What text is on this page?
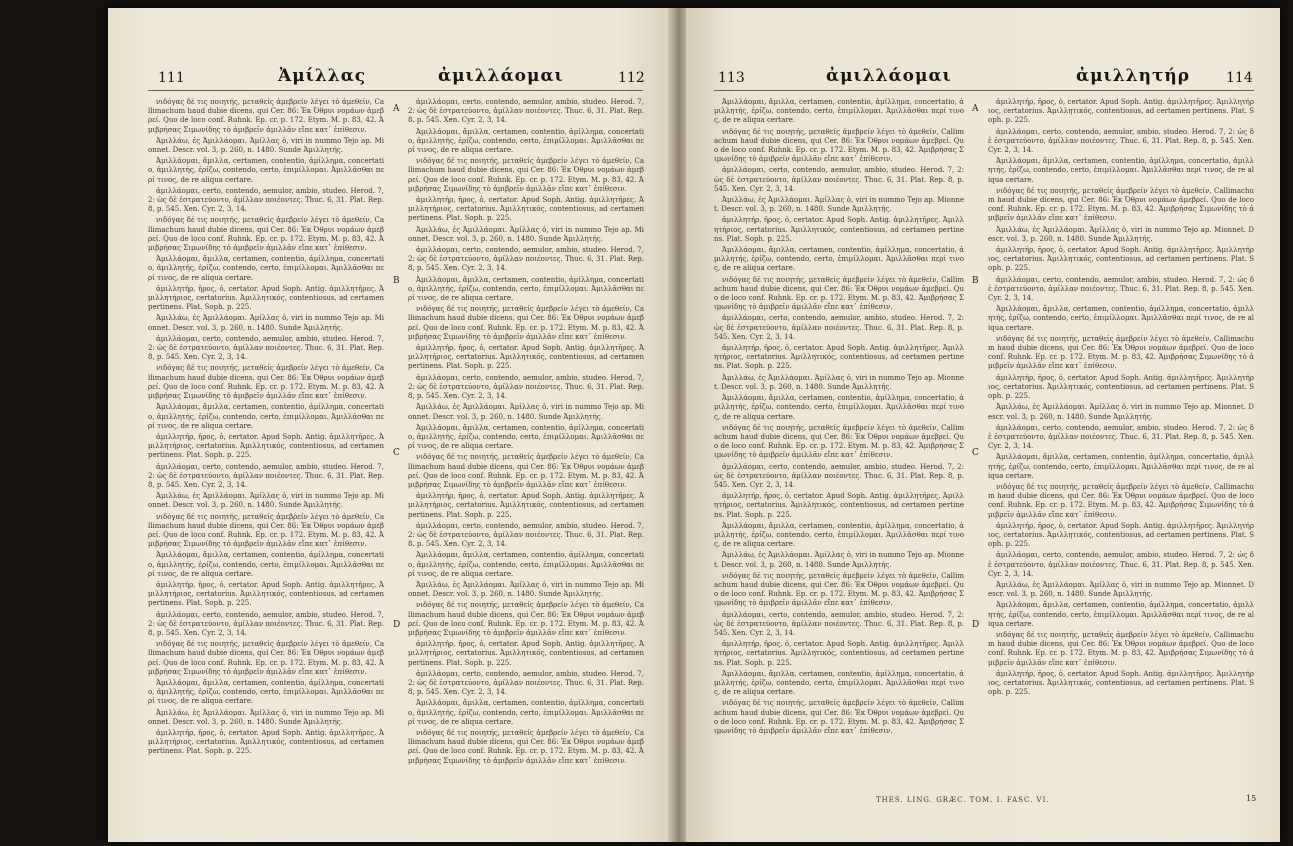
111	Ἀμίλλας	ἀμιλλάομαι	112

νιδόγας δέ τις ποιητής, μεταθείς ἀμεβρείν λέγει τὸ ἀμεθείν, Callimachum haud dubie dicens, qui Cer. 86: Ἐκ Ὀθρυι νομάων ἀμεβρεί. Quo de loco conf. Ruhnk. Ep. cr. p. 172. Etym. M. p. 83, 42. Ἀμιβρήσας Σιμωνίδης τὸ ἀμιβρεῖν ἀμιλλᾶν εἴπε κατ᾽ ἐπίθεσιν.

Ἀμιλλάω, ἐς Ἀμιλλάομαι. Ἀμίλλας ὁ, viri in nummo Tejo ap. Mionnet. Descr. vol. 3, p. 260, n. 1480. Sunde Ἀμιλλητής.

Ἀμιλλάομαι, ἄμιλλα, certamen, contentio, ἀμίλλημα, concertatio, ἀμιλλητής, ἐρίζω, contendo, certo, ἐπιμίλλομαι. Ἀμιλλᾶσθαι περί τινος, de re aliqua certare.

ἀμιλλάομαι, certo, contendo, aemulor, ambio, studeo. Herod. 7, 2: ὡς δὲ ἐστρατεύοντο, ἀμίλλαν ποιέοντες. Thuc. 6, 31. Plat. Rep. 8, p. 545. Xen. Cyr. 2, 3, 14.

νιδόγας δέ τις ποιητής, μεταθείς ἀμεβρείν λέγει τὸ ἀμεθείν, Callimachum haud dubie dicens, qui Cer. 86: Ἐκ Ὀθρυι νομάων ἀμεβρεί. Quo de loco conf. Ruhnk. Ep. cr. p. 172. Etym. M. p. 83, 42. Ἀμιβρήσας Σιμωνίδης τὸ ἀμιβρεῖν ἀμιλλᾶν εἴπε κατ᾽ ἐπίθεσιν.

Ἀμιλλάομαι, ἄμιλλα, certamen, contentio, ἀμίλλημα, concertatio, ἀμιλλητής, ἐρίζω, contendo, certo, ἐπιμίλλομαι. Ἀμιλλᾶσθαι περί τινος, de re aliqua certare.

ἀμιλλητήρ, ῆρος, ὁ, certator. Apud Soph. Antig. ἀμιλλητῆρες. Ἀμιλλητήριος, certatorius. Ἀμιλλητικός, contentiosus, ad certamen pertinens. Plat. Soph. p. 225.

Ἀμιλλάω, ἐς Ἀμιλλάομαι. Ἀμίλλας ὁ, viri in nummo Tejo ap. Mionnet. Descr. vol. 3, p. 260, n. 1480. Sunde Ἀμιλλητής.

ἀμιλλάομαι, certo, contendo, aemulor, ambio, studeo. Herod. 7, 2: ὡς δὲ ἐστρατεύοντο, ἀμίλλαν ποιέοντες. Thuc. 6, 31. Plat. Rep. 8, p. 545. Xen. Cyr. 2, 3, 14.

νιδόγας δέ τις ποιητής, μεταθείς ἀμεβρείν λέγει τὸ ἀμεθείν, Callimachum haud dubie dicens, qui Cer. 86: Ἐκ Ὀθρυι νομάων ἀμεβρεί. Quo de loco conf. Ruhnk. Ep. cr. p. 172. Etym. M. p. 83, 42. Ἀμιβρήσας Σιμωνίδης τὸ ἀμιβρεῖν ἀμιλλᾶν εἴπε κατ᾽ ἐπίθεσιν.

Ἀμιλλάομαι, ἄμιλλα, certamen, contentio, ἀμίλλημα, concertatio, ἀμιλλητής, ἐρίζω, contendo, certo, ἐπιμίλλομαι. Ἀμιλλᾶσθαι περί τινος, de re aliqua certare.

ἀμιλλητήρ, ῆρος, ὁ, certator. Apud Soph. Antig. ἀμιλλητῆρες. Ἀμιλλητήριος, certatorius. Ἀμιλλητικός, contentiosus, ad certamen pertinens. Plat. Soph. p. 225.

ἀμιλλάομαι, certo, contendo, aemulor, ambio, studeo. Herod. 7, 2: ὡς δὲ ἐστρατεύοντο, ἀμίλλαν ποιέοντες. Thuc. 6, 31. Plat. Rep. 8, p. 545. Xen. Cyr. 2, 3, 14.

Ἀμιλλάω, ἐς Ἀμιλλάομαι. Ἀμίλλας ὁ, viri in nummo Tejo ap. Mionnet. Descr. vol. 3, p. 260, n. 1480. Sunde Ἀμιλλητής.

νιδόγας δέ τις ποιητής, μεταθείς ἀμεβρείν λέγει τὸ ἀμεθείν, Callimachum haud dubie dicens, qui Cer. 86: Ἐκ Ὀθρυι νομάων ἀμεβρεί. Quo de loco conf. Ruhnk. Ep. cr. p. 172. Etym. M. p. 83, 42. Ἀμιβρήσας Σιμωνίδης τὸ ἀμιβρεῖν ἀμιλλᾶν εἴπε κατ᾽ ἐπίθεσιν.

Ἀμιλλάομαι, ἄμιλλα, certamen, contentio, ἀμίλλημα, concertatio, ἀμιλλητής, ἐρίζω, contendo, certo, ἐπιμίλλομαι. Ἀμιλλᾶσθαι περί τινος, de re aliqua certare.

ἀμιλλητήρ, ῆρος, ὁ, certator. Apud Soph. Antig. ἀμιλλητῆρες. Ἀμιλλητήριος, certatorius. Ἀμιλλητικός, contentiosus, ad certamen pertinens. Plat. Soph. p. 225.

ἀμιλλάομαι, certo, contendo, aemulor, ambio, studeo. Herod. 7, 2: ὡς δὲ ἐστρατεύοντο, ἀμίλλαν ποιέοντες. Thuc. 6, 31. Plat. Rep. 8, p. 545. Xen. Cyr. 2, 3, 14.

νιδόγας δέ τις ποιητής, μεταθείς ἀμεβρείν λέγει τὸ ἀμεθείν, Callimachum haud dubie dicens, qui Cer. 86: Ἐκ Ὀθρυι νομάων ἀμεβρεί. Quo de loco conf. Ruhnk. Ep. cr. p. 172. Etym. M. p. 83, 42. Ἀμιβρήσας Σιμωνίδης τὸ ἀμιβρεῖν ἀμιλλᾶν εἴπε κατ᾽ ἐπίθεσιν.

Ἀμιλλάομαι, ἄμιλλα, certamen, contentio, ἀμίλλημα, concertatio, ἀμιλλητής, ἐρίζω, contendo, certo, ἐπιμίλλομαι. Ἀμιλλᾶσθαι περί τινος, de re aliqua certare.

Ἀμιλλάω, ἐς Ἀμιλλάομαι. Ἀμίλλας ὁ, viri in nummo Tejo ap. Mionnet. Descr. vol. 3, p. 260, n. 1480. Sunde Ἀμιλλητής.

ἀμιλλητήρ, ῆρος, ὁ, certator. Apud Soph. Antig. ἀμιλλητῆρες. Ἀμιλλητήριος, certatorius. Ἀμιλλητικός, contentiosus, ad certamen pertinens. Plat. Soph. p. 225.

A
B
C
D

ἀμιλλάομαι, certo, contendo, aemulor, ambio, studeo. Herod. 7, 2: ὡς δὲ ἐστρατεύοντο, ἀμίλλαν ποιέοντες. Thuc. 6, 31. Plat. Rep. 8, p. 545. Xen. Cyr. 2, 3, 14.

Ἀμιλλάομαι, ἄμιλλα, certamen, contentio, ἀμίλλημα, concertatio, ἀμιλλητής, ἐρίζω, contendo, certo, ἐπιμίλλομαι. Ἀμιλλᾶσθαι περί τινος, de re aliqua certare.

νιδόγας δέ τις ποιητής, μεταθείς ἀμεβρείν λέγει τὸ ἀμεθείν, Callimachum haud dubie dicens, qui Cer. 86: Ἐκ Ὀθρυι νομάων ἀμεβρεί. Quo de loco conf. Ruhnk. Ep. cr. p. 172. Etym. M. p. 83, 42. Ἀμιβρήσας Σιμωνίδης τὸ ἀμιβρεῖν ἀμιλλᾶν εἴπε κατ᾽ ἐπίθεσιν.

ἀμιλλητήρ, ῆρος, ὁ, certator. Apud Soph. Antig. ἀμιλλητῆρες. Ἀμιλλητήριος, certatorius. Ἀμιλλητικός, contentiosus, ad certamen pertinens. Plat. Soph. p. 225.

Ἀμιλλάω, ἐς Ἀμιλλάομαι. Ἀμίλλας ὁ, viri in nummo Tejo ap. Mionnet. Descr. vol. 3, p. 260, n. 1480. Sunde Ἀμιλλητής.

ἀμιλλάομαι, certo, contendo, aemulor, ambio, studeo. Herod. 7, 2: ὡς δὲ ἐστρατεύοντο, ἀμίλλαν ποιέοντες. Thuc. 6, 31. Plat. Rep. 8, p. 545. Xen. Cyr. 2, 3, 14.

Ἀμιλλάομαι, ἄμιλλα, certamen, contentio, ἀμίλλημα, concertatio, ἀμιλλητής, ἐρίζω, contendo, certo, ἐπιμίλλομαι. Ἀμιλλᾶσθαι περί τινος, de re aliqua certare.

νιδόγας δέ τις ποιητής, μεταθείς ἀμεβρείν λέγει τὸ ἀμεθείν, Callimachum haud dubie dicens, qui Cer. 86: Ἐκ Ὀθρυι νομάων ἀμεβρεί. Quo de loco conf. Ruhnk. Ep. cr. p. 172. Etym. M. p. 83, 42. Ἀμιβρήσας Σιμωνίδης τὸ ἀμιβρεῖν ἀμιλλᾶν εἴπε κατ᾽ ἐπίθεσιν.

ἀμιλλητήρ, ῆρος, ὁ, certator. Apud Soph. Antig. ἀμιλλητῆρες. Ἀμιλλητήριος, certatorius. Ἀμιλλητικός, contentiosus, ad certamen pertinens. Plat. Soph. p. 225.

ἀμιλλάομαι, certo, contendo, aemulor, ambio, studeo. Herod. 7, 2: ὡς δὲ ἐστρατεύοντο, ἀμίλλαν ποιέοντες. Thuc. 6, 31. Plat. Rep. 8, p. 545. Xen. Cyr. 2, 3, 14.

Ἀμιλλάω, ἐς Ἀμιλλάομαι. Ἀμίλλας ὁ, viri in nummo Tejo ap. Mionnet. Descr. vol. 3, p. 260, n. 1480. Sunde Ἀμιλλητής.

Ἀμιλλάομαι, ἄμιλλα, certamen, contentio, ἀμίλλημα, concertatio, ἀμιλλητής, ἐρίζω, contendo, certo, ἐπιμίλλομαι. Ἀμιλλᾶσθαι περί τινος, de re aliqua certare.

νιδόγας δέ τις ποιητής, μεταθείς ἀμεβρείν λέγει τὸ ἀμεθείν, Callimachum haud dubie dicens, qui Cer. 86: Ἐκ Ὀθρυι νομάων ἀμεβρεί. Quo de loco conf. Ruhnk. Ep. cr. p. 172. Etym. M. p. 83, 42. Ἀμιβρήσας Σιμωνίδης τὸ ἀμιβρεῖν ἀμιλλᾶν εἴπε κατ᾽ ἐπίθεσιν.

ἀμιλλητήρ, ῆρος, ὁ, certator. Apud Soph. Antig. ἀμιλλητῆρες. Ἀμιλλητήριος, certatorius. Ἀμιλλητικός, contentiosus, ad certamen pertinens. Plat. Soph. p. 225.

ἀμιλλάομαι, certo, contendo, aemulor, ambio, studeo. Herod. 7, 2: ὡς δὲ ἐστρατεύοντο, ἀμίλλαν ποιέοντες. Thuc. 6, 31. Plat. Rep. 8, p. 545. Xen. Cyr. 2, 3, 14.

Ἀμιλλάομαι, ἄμιλλα, certamen, contentio, ἀμίλλημα, concertatio, ἀμιλλητής, ἐρίζω, contendo, certo, ἐπιμίλλομαι. Ἀμιλλᾶσθαι περί τινος, de re aliqua certare.

Ἀμιλλάω, ἐς Ἀμιλλάομαι. Ἀμίλλας ὁ, viri in nummo Tejo ap. Mionnet. Descr. vol. 3, p. 260, n. 1480. Sunde Ἀμιλλητής.

νιδόγας δέ τις ποιητής, μεταθείς ἀμεβρείν λέγει τὸ ἀμεθείν, Callimachum haud dubie dicens, qui Cer. 86: Ἐκ Ὀθρυι νομάων ἀμεβρεί. Quo de loco conf. Ruhnk. Ep. cr. p. 172. Etym. M. p. 83, 42. Ἀμιβρήσας Σιμωνίδης τὸ ἀμιβρεῖν ἀμιλλᾶν εἴπε κατ᾽ ἐπίθεσιν.

ἀμιλλητήρ, ῆρος, ὁ, certator. Apud Soph. Antig. ἀμιλλητῆρες. Ἀμιλλητήριος, certatorius. Ἀμιλλητικός, contentiosus, ad certamen pertinens. Plat. Soph. p. 225.

ἀμιλλάομαι, certo, contendo, aemulor, ambio, studeo. Herod. 7, 2: ὡς δὲ ἐστρατεύοντο, ἀμίλλαν ποιέοντες. Thuc. 6, 31. Plat. Rep. 8, p. 545. Xen. Cyr. 2, 3, 14.

Ἀμιλλάομαι, ἄμιλλα, certamen, contentio, ἀμίλλημα, concertatio, ἀμιλλητής, ἐρίζω, contendo, certo, ἐπιμίλλομαι. Ἀμιλλᾶσθαι περί τινος, de re aliqua certare.

νιδόγας δέ τις ποιητής, μεταθείς ἀμεβρείν λέγει τὸ ἀμεθείν, Callimachum haud dubie dicens, qui Cer. 86: Ἐκ Ὀθρυι νομάων ἀμεβρεί. Quo de loco conf. Ruhnk. Ep. cr. p. 172. Etym. M. p. 83, 42. Ἀμιβρήσας Σιμωνίδης τὸ ἀμιβρεῖν ἀμιλλᾶν εἴπε κατ᾽ ἐπίθεσιν.

113	ἀμιλλάομαι	ἀμιλλητήρ	114

Ἀμιλλάομαι, ἄμιλλα, certamen, contentio, ἀμίλλημα, concertatio, ἀμιλλητής, ἐρίζω, contendo, certo, ἐπιμίλλομαι. Ἀμιλλᾶσθαι περί τινος, de re aliqua certare.

νιδόγας δέ τις ποιητής, μεταθείς ἀμεβρείν λέγει τὸ ἀμεθείν, Callimachum haud dubie dicens, qui Cer. 86: Ἐκ Ὀθρυι νομάων ἀμεβρεί. Quo de loco conf. Ruhnk. Ep. cr. p. 172. Etym. M. p. 83, 42. Ἀμιβρήσας Σιμωνίδης τὸ ἀμιβρεῖν ἀμιλλᾶν εἴπε κατ᾽ ἐπίθεσιν.

ἀμιλλάομαι, certo, contendo, aemulor, ambio, studeo. Herod. 7, 2: ὡς δὲ ἐστρατεύοντο, ἀμίλλαν ποιέοντες. Thuc. 6, 31. Plat. Rep. 8, p. 545. Xen. Cyr. 2, 3, 14.

Ἀμιλλάω, ἐς Ἀμιλλάομαι. Ἀμίλλας ὁ, viri in nummo Tejo ap. Mionnet. Descr. vol. 3, p. 260, n. 1480. Sunde Ἀμιλλητής.

ἀμιλλητήρ, ῆρος, ὁ, certator. Apud Soph. Antig. ἀμιλλητῆρες. Ἀμιλλητήριος, certatorius. Ἀμιλλητικός, contentiosus, ad certamen pertinens. Plat. Soph. p. 225.

Ἀμιλλάομαι, ἄμιλλα, certamen, contentio, ἀμίλλημα, concertatio, ἀμιλλητής, ἐρίζω, contendo, certo, ἐπιμίλλομαι. Ἀμιλλᾶσθαι περί τινος, de re aliqua certare.

νιδόγας δέ τις ποιητής, μεταθείς ἀμεβρείν λέγει τὸ ἀμεθείν, Callimachum haud dubie dicens, qui Cer. 86: Ἐκ Ὀθρυι νομάων ἀμεβρεί. Quo de loco conf. Ruhnk. Ep. cr. p. 172. Etym. M. p. 83, 42. Ἀμιβρήσας Σιμωνίδης τὸ ἀμιβρεῖν ἀμιλλᾶν εἴπε κατ᾽ ἐπίθεσιν.

ἀμιλλάομαι, certo, contendo, aemulor, ambio, studeo. Herod. 7, 2: ὡς δὲ ἐστρατεύοντο, ἀμίλλαν ποιέοντες. Thuc. 6, 31. Plat. Rep. 8, p. 545. Xen. Cyr. 2, 3, 14.

ἀμιλλητήρ, ῆρος, ὁ, certator. Apud Soph. Antig. ἀμιλλητῆρες. Ἀμιλλητήριος, certatorius. Ἀμιλλητικός, contentiosus, ad certamen pertinens. Plat. Soph. p. 225.

Ἀμιλλάω, ἐς Ἀμιλλάομαι. Ἀμίλλας ὁ, viri in nummo Tejo ap. Mionnet. Descr. vol. 3, p. 260, n. 1480. Sunde Ἀμιλλητής.

Ἀμιλλάομαι, ἄμιλλα, certamen, contentio, ἀμίλλημα, concertatio, ἀμιλλητής, ἐρίζω, contendo, certo, ἐπιμίλλομαι. Ἀμιλλᾶσθαι περί τινος, de re aliqua certare.

νιδόγας δέ τις ποιητής, μεταθείς ἀμεβρείν λέγει τὸ ἀμεθείν, Callimachum haud dubie dicens, qui Cer. 86: Ἐκ Ὀθρυι νομάων ἀμεβρεί. Quo de loco conf. Ruhnk. Ep. cr. p. 172. Etym. M. p. 83, 42. Ἀμιβρήσας Σιμωνίδης τὸ ἀμιβρεῖν ἀμιλλᾶν εἴπε κατ᾽ ἐπίθεσιν.

ἀμιλλάομαι, certo, contendo, aemulor, ambio, studeo. Herod. 7, 2: ὡς δὲ ἐστρατεύοντο, ἀμίλλαν ποιέοντες. Thuc. 6, 31. Plat. Rep. 8, p. 545. Xen. Cyr. 2, 3, 14.

ἀμιλλητήρ, ῆρος, ὁ, certator. Apud Soph. Antig. ἀμιλλητῆρες. Ἀμιλλητήριος, certatorius. Ἀμιλλητικός, contentiosus, ad certamen pertinens. Plat. Soph. p. 225.

Ἀμιλλάομαι, ἄμιλλα, certamen, contentio, ἀμίλλημα, concertatio, ἀμιλλητής, ἐρίζω, contendo, certo, ἐπιμίλλομαι. Ἀμιλλᾶσθαι περί τινος, de re aliqua certare.

Ἀμιλλάω, ἐς Ἀμιλλάομαι. Ἀμίλλας ὁ, viri in nummo Tejo ap. Mionnet. Descr. vol. 3, p. 260, n. 1480. Sunde Ἀμιλλητής.

νιδόγας δέ τις ποιητής, μεταθείς ἀμεβρείν λέγει τὸ ἀμεθείν, Callimachum haud dubie dicens, qui Cer. 86: Ἐκ Ὀθρυι νομάων ἀμεβρεί. Quo de loco conf. Ruhnk. Ep. cr. p. 172. Etym. M. p. 83, 42. Ἀμιβρήσας Σιμωνίδης τὸ ἀμιβρεῖν ἀμιλλᾶν εἴπε κατ᾽ ἐπίθεσιν.

ἀμιλλάομαι, certo, contendo, aemulor, ambio, studeo. Herod. 7, 2: ὡς δὲ ἐστρατεύοντο, ἀμίλλαν ποιέοντες. Thuc. 6, 31. Plat. Rep. 8, p. 545. Xen. Cyr. 2, 3, 14.

ἀμιλλητήρ, ῆρος, ὁ, certator. Apud Soph. Antig. ἀμιλλητῆρες. Ἀμιλλητήριος, certatorius. Ἀμιλλητικός, contentiosus, ad certamen pertinens. Plat. Soph. p. 225.

Ἀμιλλάομαι, ἄμιλλα, certamen, contentio, ἀμίλλημα, concertatio, ἀμιλλητής, ἐρίζω, contendo, certo, ἐπιμίλλομαι. Ἀμιλλᾶσθαι περί τινος, de re aliqua certare.

νιδόγας δέ τις ποιητής, μεταθείς ἀμεβρείν λέγει τὸ ἀμεθείν, Callimachum haud dubie dicens, qui Cer. 86: Ἐκ Ὀθρυι νομάων ἀμεβρεί. Quo de loco conf. Ruhnk. Ep. cr. p. 172. Etym. M. p. 83, 42. Ἀμιβρήσας Σιμωνίδης τὸ ἀμιβρεῖν ἀμιλλᾶν εἴπε κατ᾽ ἐπίθεσιν.

A
B
C
D

ἀμιλλητήρ, ῆρος, ὁ, certator. Apud Soph. Antig. ἀμιλλητῆρες. Ἀμιλλητήριος, certatorius. Ἀμιλλητικός, contentiosus, ad certamen pertinens. Plat. Soph. p. 225.

ἀμιλλάομαι, certo, contendo, aemulor, ambio, studeo. Herod. 7, 2: ὡς δὲ ἐστρατεύοντο, ἀμίλλαν ποιέοντες. Thuc. 6, 31. Plat. Rep. 8, p. 545. Xen. Cyr. 2, 3, 14.

Ἀμιλλάομαι, ἄμιλλα, certamen, contentio, ἀμίλλημα, concertatio, ἀμιλλητής, ἐρίζω, contendo, certo, ἐπιμίλλομαι. Ἀμιλλᾶσθαι περί τινος, de re aliqua certare.

νιδόγας δέ τις ποιητής, μεταθείς ἀμεβρείν λέγει τὸ ἀμεθείν, Callimachum haud dubie dicens, qui Cer. 86: Ἐκ Ὀθρυι νομάων ἀμεβρεί. Quo de loco conf. Ruhnk. Ep. cr. p. 172. Etym. M. p. 83, 42. Ἀμιβρήσας Σιμωνίδης τὸ ἀμιβρεῖν ἀμιλλᾶν εἴπε κατ᾽ ἐπίθεσιν.

Ἀμιλλάω, ἐς Ἀμιλλάομαι. Ἀμίλλας ὁ, viri in nummo Tejo ap. Mionnet. Descr. vol. 3, p. 260, n. 1480. Sunde Ἀμιλλητής.

ἀμιλλητήρ, ῆρος, ὁ, certator. Apud Soph. Antig. ἀμιλλητῆρες. Ἀμιλλητήριος, certatorius. Ἀμιλλητικός, contentiosus, ad certamen pertinens. Plat. Soph. p. 225.

ἀμιλλάομαι, certo, contendo, aemulor, ambio, studeo. Herod. 7, 2: ὡς δὲ ἐστρατεύοντο, ἀμίλλαν ποιέοντες. Thuc. 6, 31. Plat. Rep. 8, p. 545. Xen. Cyr. 2, 3, 14.

Ἀμιλλάομαι, ἄμιλλα, certamen, contentio, ἀμίλλημα, concertatio, ἀμιλλητής, ἐρίζω, contendo, certo, ἐπιμίλλομαι. Ἀμιλλᾶσθαι περί τινος, de re aliqua certare.

νιδόγας δέ τις ποιητής, μεταθείς ἀμεβρείν λέγει τὸ ἀμεθείν, Callimachum haud dubie dicens, qui Cer. 86: Ἐκ Ὀθρυι νομάων ἀμεβρεί. Quo de loco conf. Ruhnk. Ep. cr. p. 172. Etym. M. p. 83, 42. Ἀμιβρήσας Σιμωνίδης τὸ ἀμιβρεῖν ἀμιλλᾶν εἴπε κατ᾽ ἐπίθεσιν.

ἀμιλλητήρ, ῆρος, ὁ, certator. Apud Soph. Antig. ἀμιλλητῆρες. Ἀμιλλητήριος, certatorius. Ἀμιλλητικός, contentiosus, ad certamen pertinens. Plat. Soph. p. 225.

Ἀμιλλάω, ἐς Ἀμιλλάομαι. Ἀμίλλας ὁ, viri in nummo Tejo ap. Mionnet. Descr. vol. 3, p. 260, n. 1480. Sunde Ἀμιλλητής.

ἀμιλλάομαι, certo, contendo, aemulor, ambio, studeo. Herod. 7, 2: ὡς δὲ ἐστρατεύοντο, ἀμίλλαν ποιέοντες. Thuc. 6, 31. Plat. Rep. 8, p. 545. Xen. Cyr. 2, 3, 14.

Ἀμιλλάομαι, ἄμιλλα, certamen, contentio, ἀμίλλημα, concertatio, ἀμιλλητής, ἐρίζω, contendo, certo, ἐπιμίλλομαι. Ἀμιλλᾶσθαι περί τινος, de re aliqua certare.

νιδόγας δέ τις ποιητής, μεταθείς ἀμεβρείν λέγει τὸ ἀμεθείν, Callimachum haud dubie dicens, qui Cer. 86: Ἐκ Ὀθρυι νομάων ἀμεβρεί. Quo de loco conf. Ruhnk. Ep. cr. p. 172. Etym. M. p. 83, 42. Ἀμιβρήσας Σιμωνίδης τὸ ἀμιβρεῖν ἀμιλλᾶν εἴπε κατ᾽ ἐπίθεσιν.

ἀμιλλητήρ, ῆρος, ὁ, certator. Apud Soph. Antig. ἀμιλλητῆρες. Ἀμιλλητήριος, certatorius. Ἀμιλλητικός, contentiosus, ad certamen pertinens. Plat. Soph. p. 225.

ἀμιλλάομαι, certo, contendo, aemulor, ambio, studeo. Herod. 7, 2: ὡς δὲ ἐστρατεύοντο, ἀμίλλαν ποιέοντες. Thuc. 6, 31. Plat. Rep. 8, p. 545. Xen. Cyr. 2, 3, 14.

Ἀμιλλάω, ἐς Ἀμιλλάομαι. Ἀμίλλας ὁ, viri in nummo Tejo ap. Mionnet. Descr. vol. 3, p. 260, n. 1480. Sunde Ἀμιλλητής.

Ἀμιλλάομαι, ἄμιλλα, certamen, contentio, ἀμίλλημα, concertatio, ἀμιλλητής, ἐρίζω, contendo, certo, ἐπιμίλλομαι. Ἀμιλλᾶσθαι περί τινος, de re aliqua certare.

νιδόγας δέ τις ποιητής, μεταθείς ἀμεβρείν λέγει τὸ ἀμεθείν, Callimachum haud dubie dicens, qui Cer. 86: Ἐκ Ὀθρυι νομάων ἀμεβρεί. Quo de loco conf. Ruhnk. Ep. cr. p. 172. Etym. M. p. 83, 42. Ἀμιβρήσας Σιμωνίδης τὸ ἀμιβρεῖν ἀμιλλᾶν εἴπε κατ᾽ ἐπίθεσιν.

ἀμιλλητήρ, ῆρος, ὁ, certator. Apud Soph. Antig. ἀμιλλητῆρες. Ἀμιλλητήριος, certatorius. Ἀμιλλητικός, contentiosus, ad certamen pertinens. Plat. Soph. p. 225.

THES. LING. GRÆC. TOM. I. FASC. VI.	15
